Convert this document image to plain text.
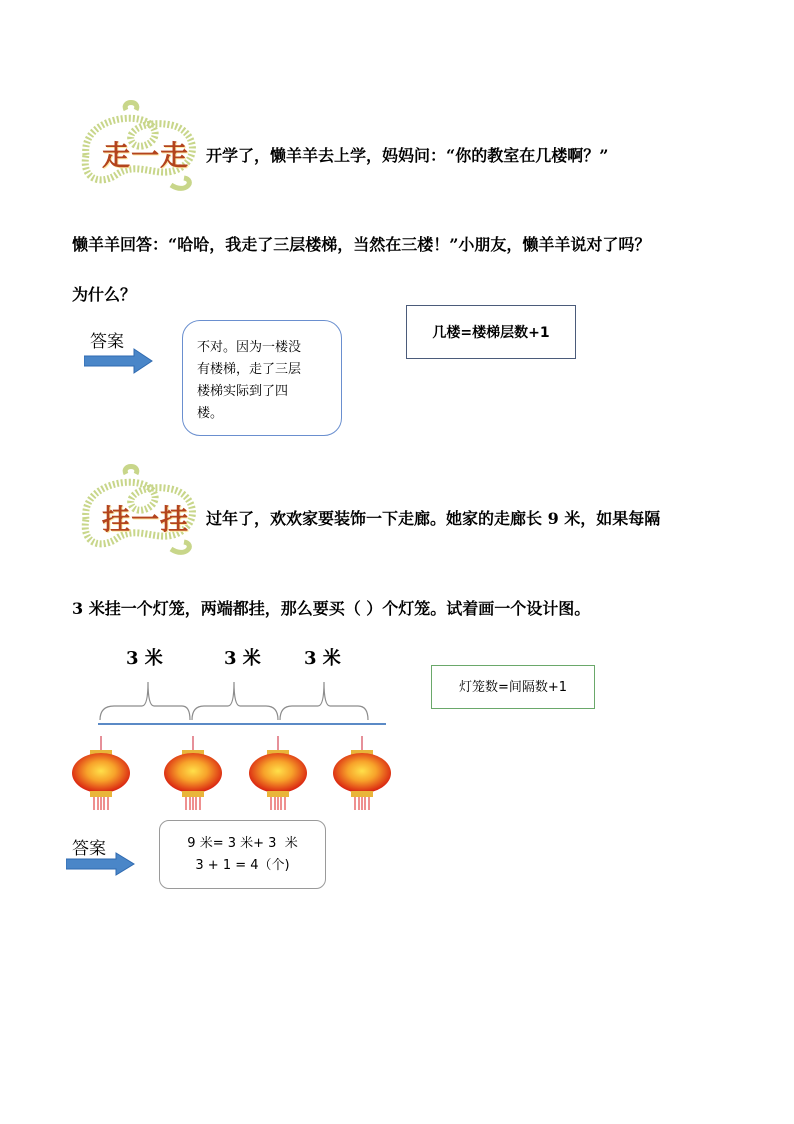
走一走 开学了，懒羊羊去上学，妈妈问：“你的教室在几楼啊？”
懒羊羊回答：“哈哈，我走了三层楼梯，当然在三楼！”小朋友，懒羊羊说对了吗？
为什么？
答案	不对。因为一楼没
有楼梯，走了三层
楼梯实际到了四
楼。
几楼=楼梯层数+1
挂一挂 过年了，欢欢家要装饰一下走廊。她家的走廊长 9 米，如果每隔
3 米挂一个灯笼，两端都挂，那么要买（ ）个灯笼。试着画一个设计图。
3 米	3 米 3 米
灯笼数=间隔数+1
答案	9 米= 3 米+ 3  米
3 + 1 = 4（个)
